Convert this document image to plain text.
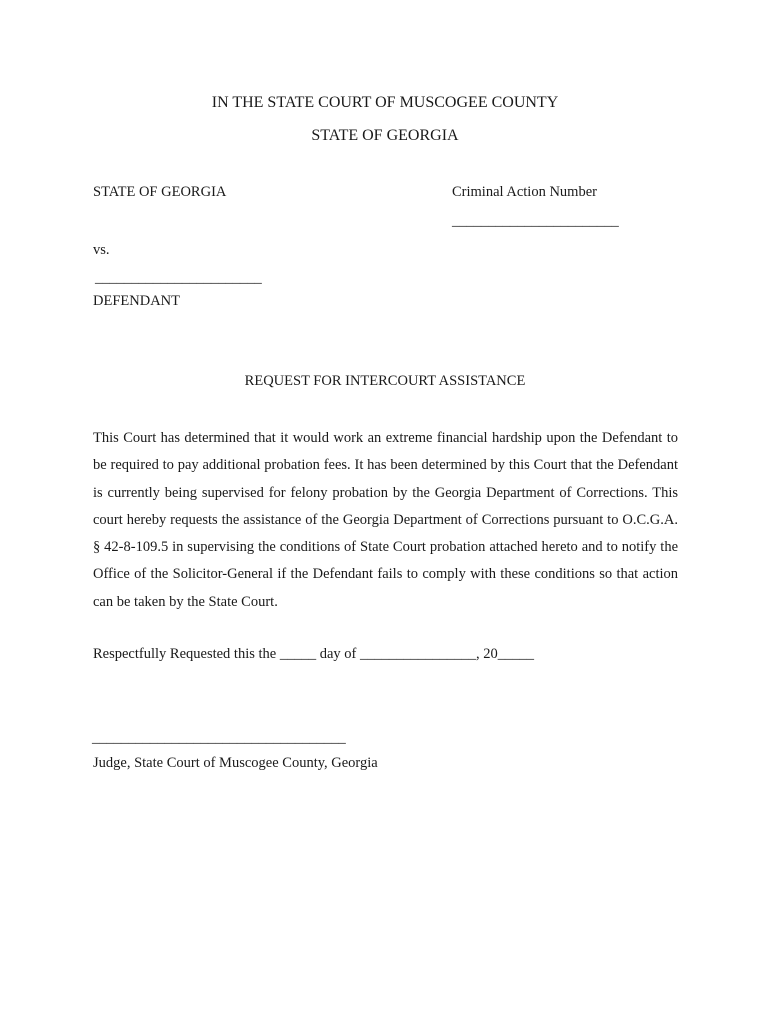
IN THE STATE COURT OF MUSCOGEE COUNTY
STATE OF GEORGIA
STATE OF GEORGIA	Criminal Action Number
_______________________
vs.
_______________________
DEFENDANT
REQUEST FOR INTERCOURT ASSISTANCE

This Court has determined that it would work an extreme financial hardship upon the Defendant to be required to pay additional probation fees. It has been determined by this Court that the Defendant is currently being supervised for felony probation by the Georgia Department of Corrections. This court hereby requests the assistance of the Georgia Department of Corrections pursuant to O.C.G.A. § 42-8-109.5 in supervising the conditions of State Court probation attached hereto and to notify the Office of the Solicitor-General if the Defendant fails to comply with these conditions so that action can be taken by the State Court.

Respectfully Requested this the _____ day of ________________, 20_____
___________________________________
Judge, State Court of Muscogee County, Georgia
